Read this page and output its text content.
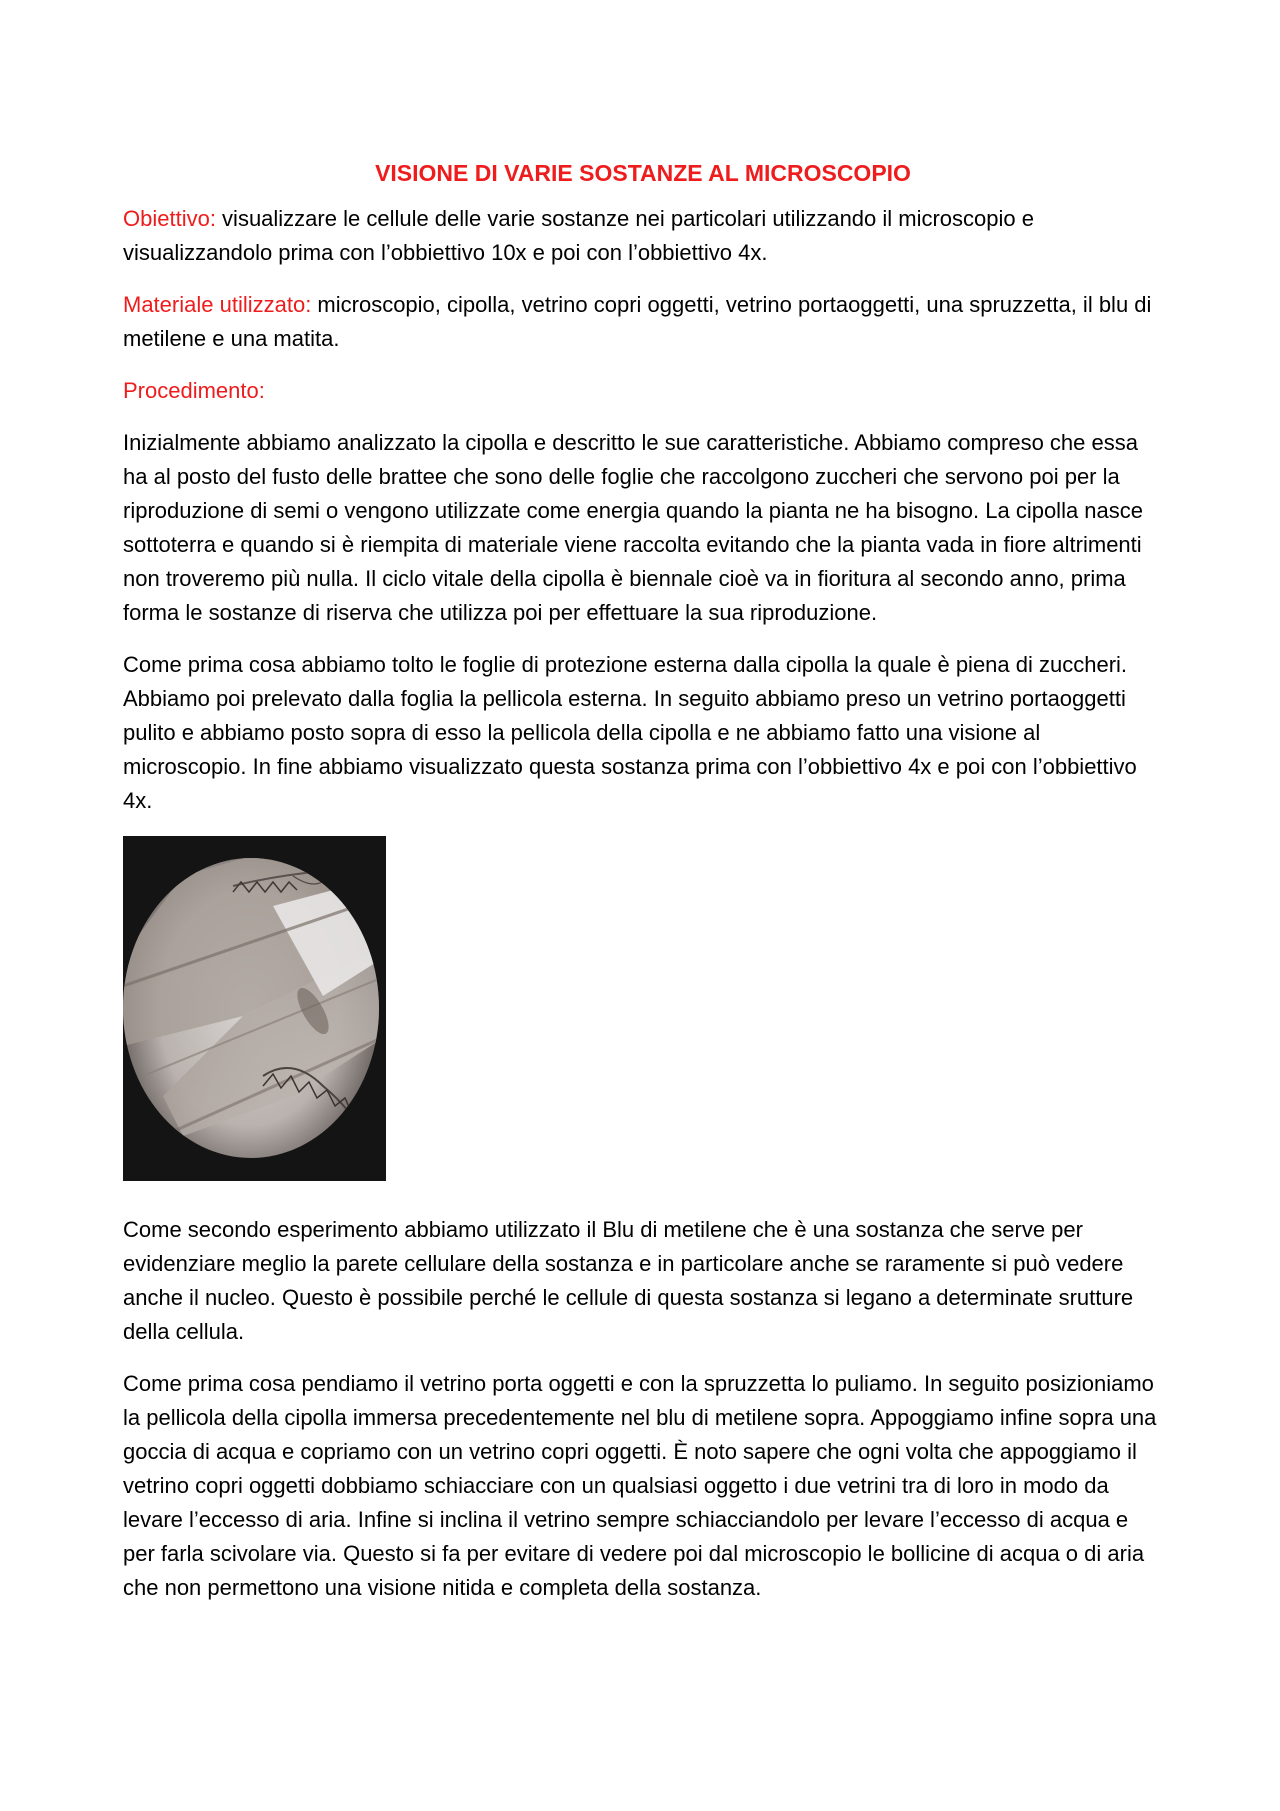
VISIONE DI VARIE SOSTANZE AL MICROSCOPIO

Obiettivo: visualizzare le cellule delle varie sostanze nei particolari utilizzando il microscopio e visualizzandolo prima con l’obbiettivo 10x e poi con l’obbiettivo 4x.

Materiale utilizzato: microscopio, cipolla, vetrino copri oggetti, vetrino portaoggetti, una spruzzetta, il blu di metilene e una matita.

Procedimento:

Inizialmente abbiamo analizzato la cipolla e descritto le sue caratteristiche. Abbiamo compreso che essa ha al posto del fusto delle brattee che sono delle foglie che raccolgono zuccheri che servono poi per la riproduzione di semi o vengono utilizzate come energia quando la pianta ne ha bisogno. La cipolla nasce sottoterra e quando si è riempita di materiale viene raccolta evitando che la pianta vada in fiore altrimenti non troveremo più nulla. Il ciclo vitale della cipolla è biennale cioè va in fioritura al secondo anno, prima forma le sostanze di riserva che utilizza poi per effettuare la sua riproduzione.

Come prima cosa abbiamo tolto le foglie di protezione esterna dalla cipolla la quale è piena di zuccheri. Abbiamo poi prelevato dalla foglia la pellicola esterna. In seguito abbiamo preso un vetrino portaoggetti pulito e abbiamo posto sopra di esso la pellicola della cipolla e ne abbiamo fatto una visione al microscopio. In fine abbiamo visualizzato questa sostanza prima con l’obbiettivo 4x e poi con l’obbiettivo 4x.

Come secondo esperimento abbiamo utilizzato il Blu di metilene che è una sostanza che serve per evidenziare meglio la parete cellulare della sostanza e in particolare anche se raramente si può vedere anche il nucleo. Questo è possibile perché le cellule di questa sostanza si legano a determinate srutture della cellula.

Come prima cosa pendiamo il vetrino porta oggetti e con la spruzzetta lo puliamo. In seguito posizioniamo la pellicola della cipolla immersa precedentemente nel blu di metilene sopra. Appoggiamo infine sopra una goccia di acqua e copriamo con un vetrino copri oggetti. È noto sapere che ogni volta che appoggiamo il vetrino copri oggetti dobbiamo schiacciare con un qualsiasi oggetto i due vetrini tra di loro in modo da levare l’eccesso di aria. Infine si inclina il vetrino sempre schiacciandolo per levare l’eccesso di acqua e per farla scivolare via. Questo si fa per evitare di vedere poi dal microscopio le bollicine di acqua o di aria che non permettono una visione nitida e completa della sostanza.
